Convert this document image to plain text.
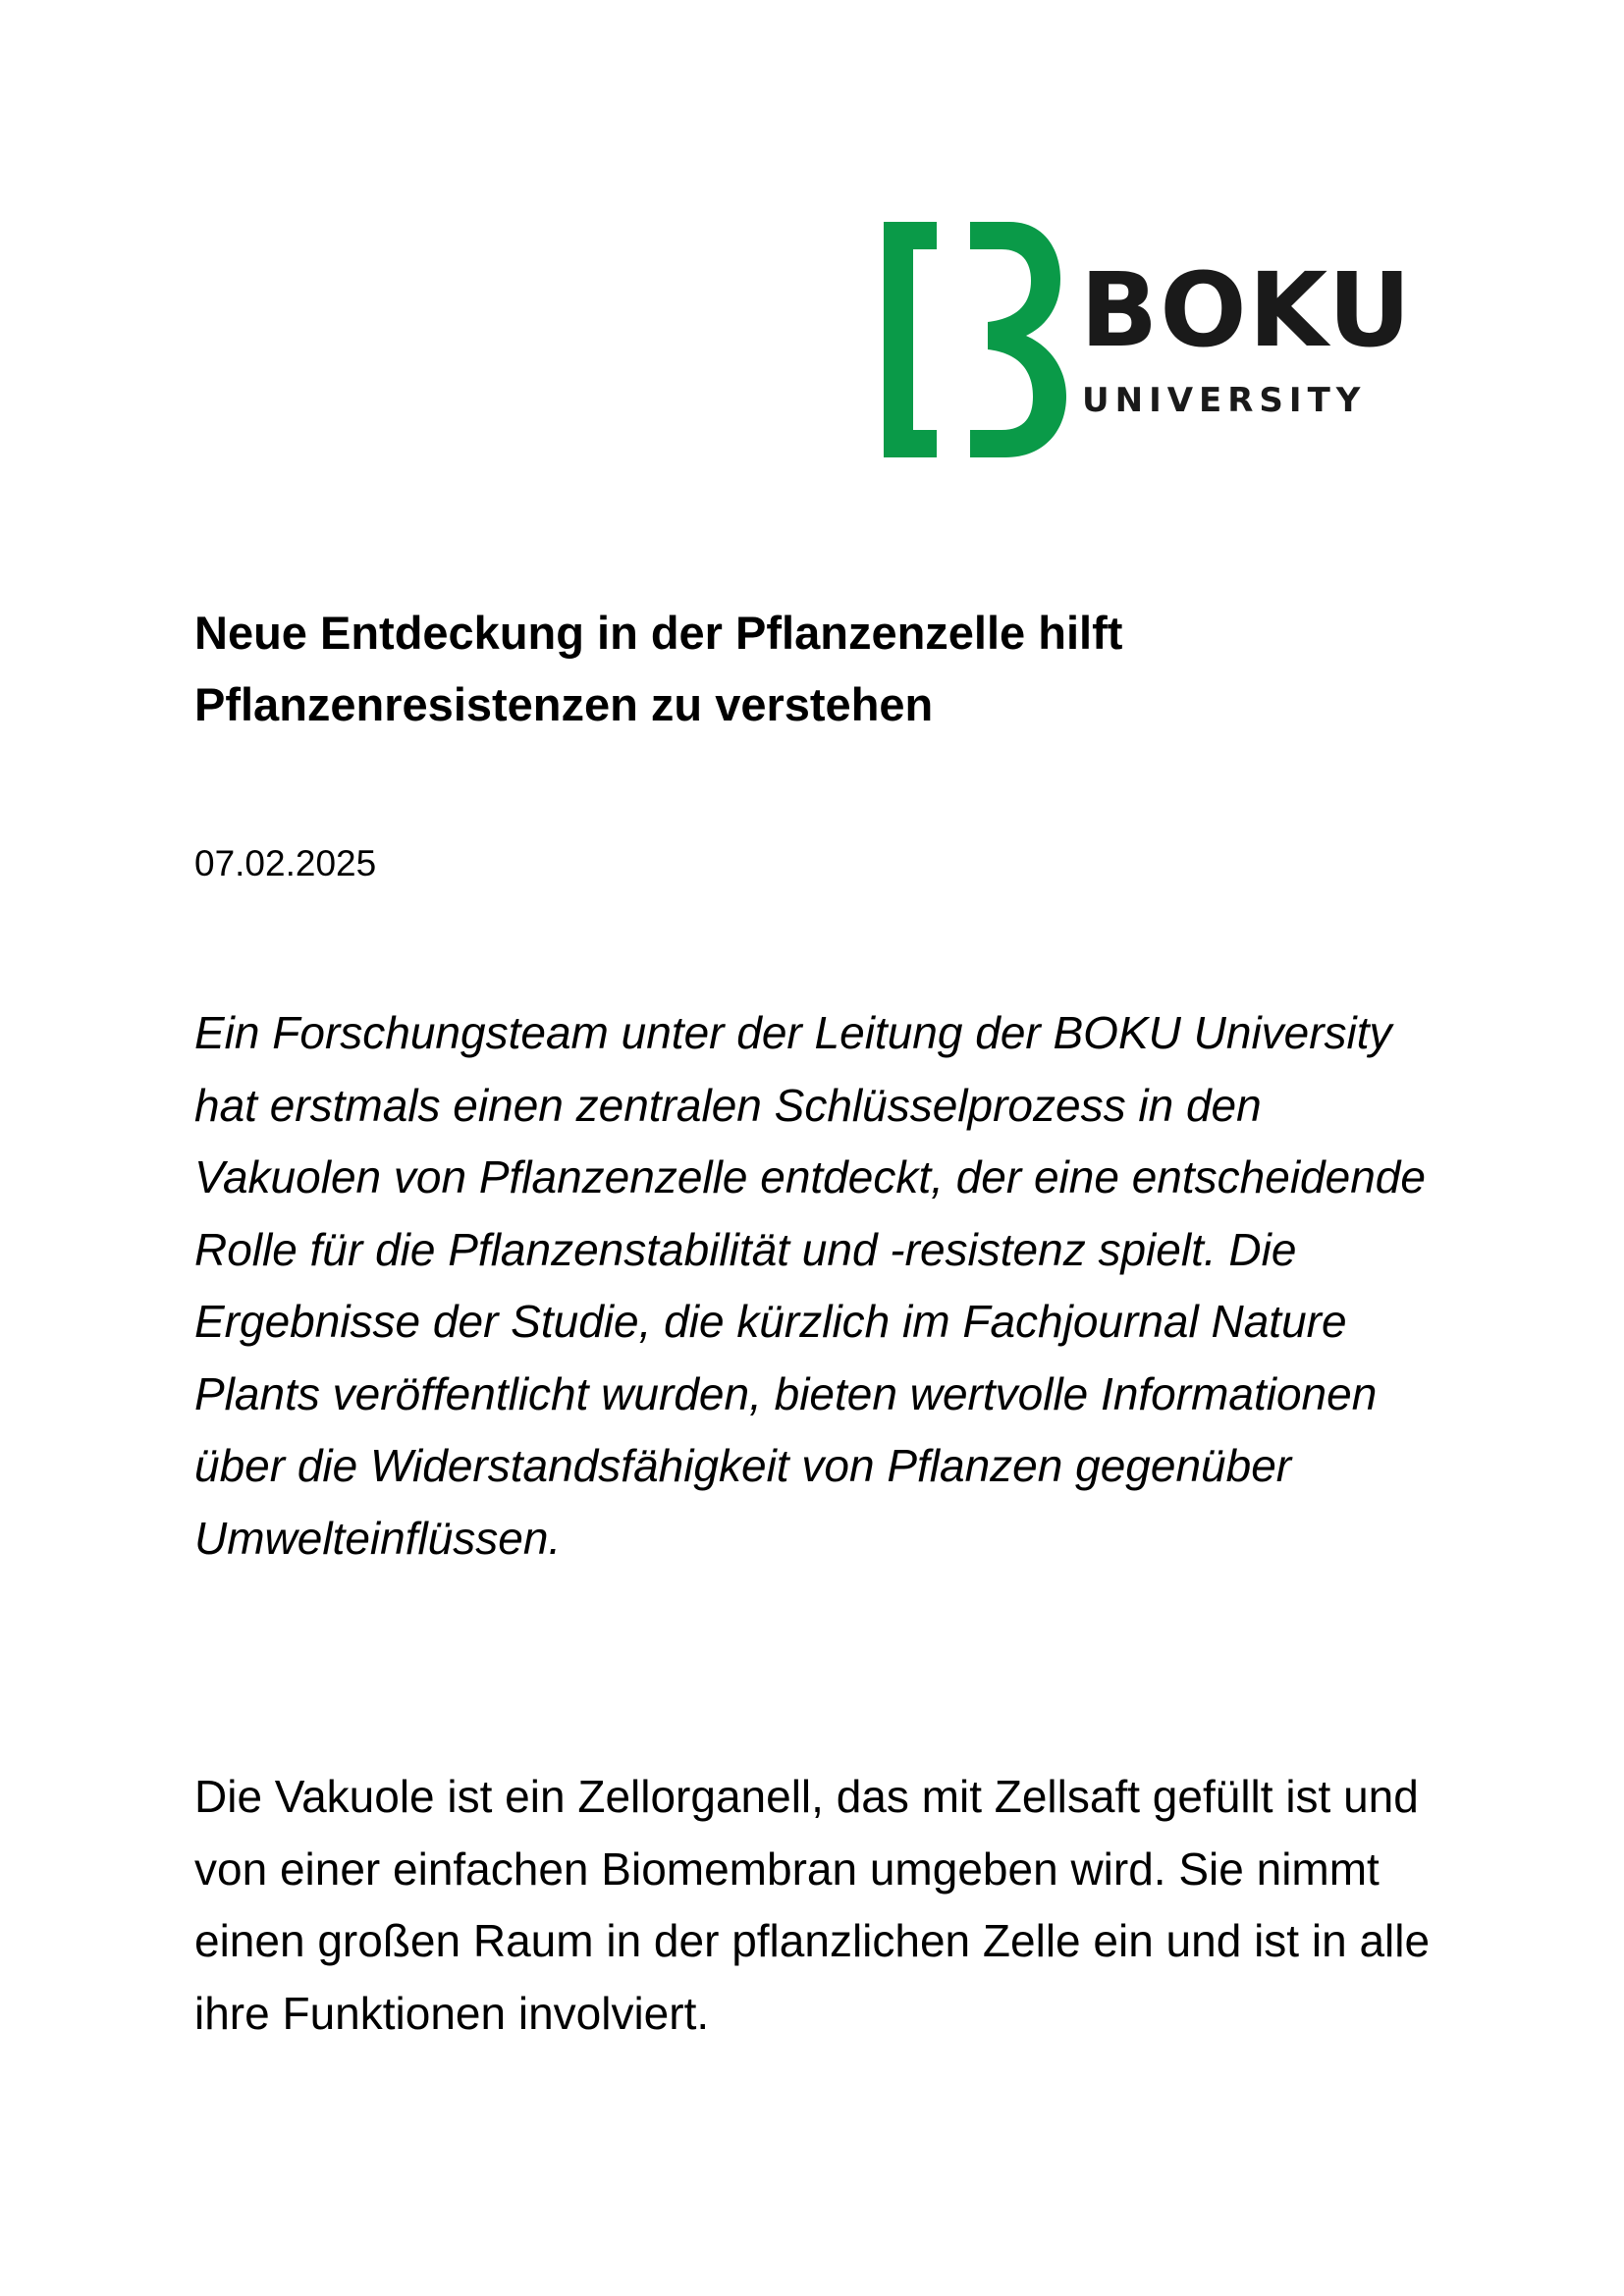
BOKU
UNIVERSITY
Neue Entdeckung in der Pflanzenzelle hilft Pflanzenresistenzen zu verstehen
07.02.2025

Ein Forschungsteam unter der Leitung der BOKU University hat erstmals einen zentralen Schlüsselprozess in den Vakuolen von Pflanzenzelle entdeckt, der eine entscheidende Rolle für die Pflanzenstabilität und -resistenz spielt. Die Ergebnisse der Studie, die kürzlich im Fachjournal Nature Plants veröffentlicht wurden, bieten wertvolle Informationen über die Widerstandsfähigkeit von Pflanzen gegenüber Umwelteinflüssen.

Die Vakuole ist ein Zellorganell, das mit Zellsaft gefüllt ist und von einer einfachen Biomembran umgeben wird. Sie nimmt einen großen Raum in der pflanzlichen Zelle ein und ist in alle ihre Funktionen involviert.
